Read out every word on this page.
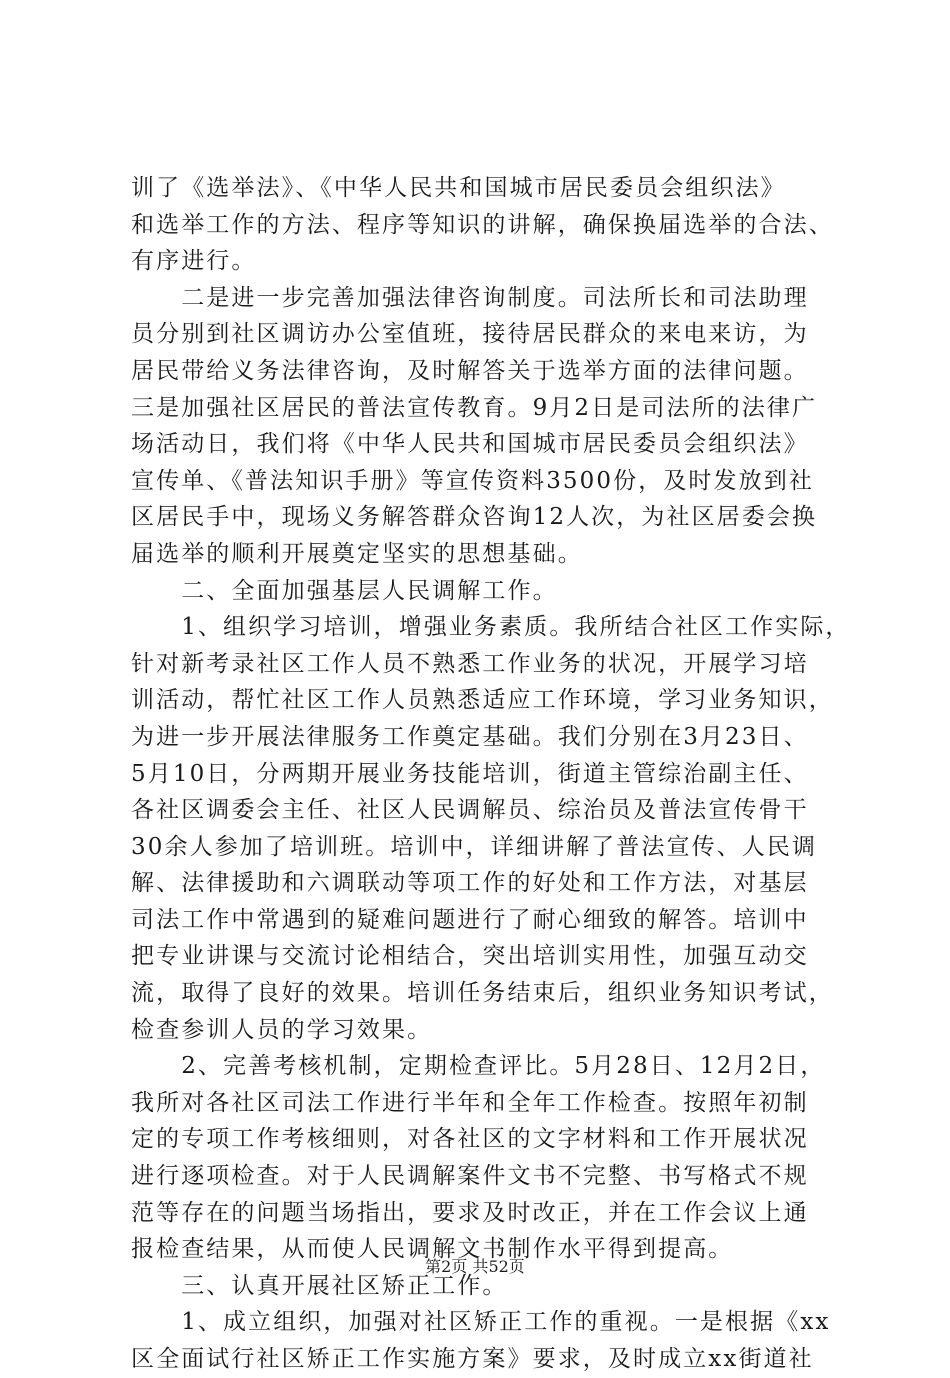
训了《选举法》、《中华人民共和国城市居民委员会组织法》
和选举工作的方法、程序等知识的讲解，确保换届选举的合法、
有序进行。
　　二是进一步完善加强法律咨询制度。司法所长和司法助理
员分别到社区调访办公室值班，接待居民群众的来电来访，为
居民带给义务法律咨询，及时解答关于选举方面的法律问题。
三是加强社区居民的普法宣传教育。9月2日是司法所的法律广
场活动日，我们将《中华人民共和国城市居民委员会组织法》
宣传单、《普法知识手册》等宣传资料3500份，及时发放到社
区居民手中，现场义务解答群众咨询12人次，为社区居委会换
届选举的顺利开展奠定坚实的思想基础。
　　二、全面加强基层人民调解工作。
　　1、组织学习培训，增强业务素质。我所结合社区工作实际，
针对新考录社区工作人员不熟悉工作业务的状况，开展学习培
训活动，帮忙社区工作人员熟悉适应工作环境，学习业务知识，
为进一步开展法律服务工作奠定基础。我们分别在3月23日、
5月10日，分两期开展业务技能培训，街道主管综治副主任、
各社区调委会主任、社区人民调解员、综治员及普法宣传骨干
30余人参加了培训班。培训中，详细讲解了普法宣传、人民调
解、法律援助和六调联动等项工作的好处和工作方法，对基层
司法工作中常遇到的疑难问题进行了耐心细致的解答。培训中
把专业讲课与交流讨论相结合，突出培训实用性，加强互动交
流，取得了良好的效果。培训任务结束后，组织业务知识考试，
检查参训人员的学习效果。
　　2、完善考核机制，定期检查评比。5月28日、12月2日，
我所对各社区司法工作进行半年和全年工作检查。按照年初制
定的专项工作考核细则，对各社区的文字材料和工作开展状况
进行逐项检查。对于人民调解案件文书不完整、书写格式不规
范等存在的问题当场指出，要求及时改正，并在工作会议上通
报检查结果，从而使人民调解文书制作水平得到提高。
　　三、认真开展社区矫正工作。
　　1、成立组织，加强对社区矫正工作的重视。一是根据《xx
区全面试行社区矫正工作实施方案》要求，及时成立xx街道社
第2页 共52页
